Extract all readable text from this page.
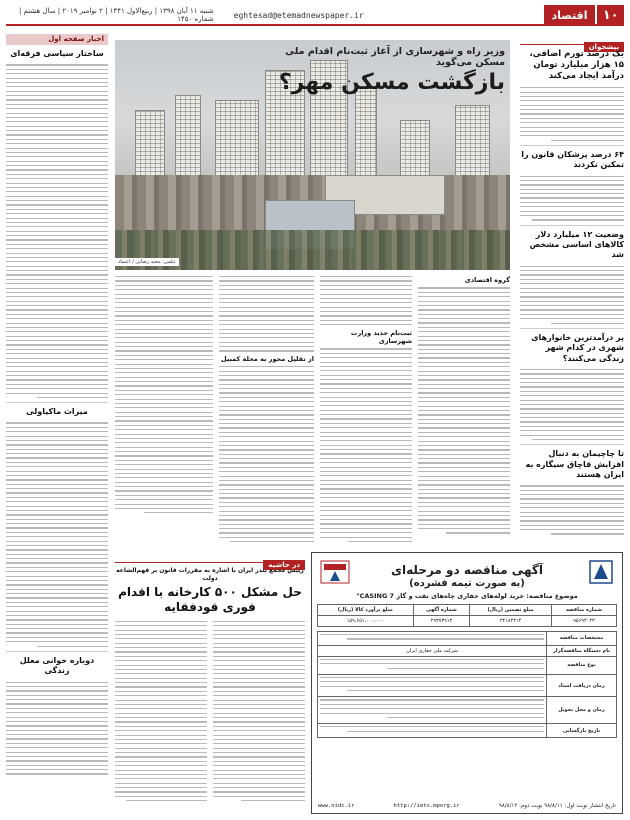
۱۰
اقتصاد
eghtesad@etemadnewspaper.ir
شنبه ۱۱ آبان ۱۳۹۸ | ربیع‌الاول ۱۴۴۱ | ۲ نوامبر ۲۰۱۹ | سال هشتم | شماره ۱۴۵۰
پیشخوان
یک درصد تورم اضافی، ۱۵ هزار میلیارد تومان درآمد ایجاد می‌کند
۶۴ درصد پزشکان قانون را تمکین نکردند
وضعیت ۱۲ میلیارد دلار کالاهای اساسی مشخص شد
پر درآمدترین خانوارهای شهری در کدام شهر زندگی می‌کنند؟
تا چاچیمان به دنبال افزایش قاچاق سیگاره به ایران هستند
اخبار صفحه اول
ساختار سیاسی فرقه‌ای
میراث ماکیاولی
دوباره خوانی معلل زندگی
عکس: مجید رضایی / اعتماد
وزیر راه و شهرسازی از آغاز ثبت‌نام اقدام ملی مسکن می‌گوید
بازگشت مسکن مهر؟
گروه اقتصادی
ثبت‌نام جدید وزارت شهرسازی
از تقلیل محور به محلة کمبیل
در حاشیه
رییس مجمع بندر ایران با اشاره به مقررات قانون بر فهم‌الشاعه دولت
حل مشکل ۵۰۰ کارخانه با اقدام فوری قودفقایه
آگهی مناقصه دو مرحله‌ای
(به صورت تیمه فشرده)
موضوع مناقصه: خرید لوله‌های حفاری چاه‌های نفت و گاز CASING 7"
شماره مناقصه	مبلغ تضمین (ریال)	شماره آگهی	مبلغ برآورد کالا (ریال)
۹۵۶۹۳۰۴۳	۳۴۱۸۴۳۱۴	۲۹۳۷۳۹۱۳	۱۵۹،۶۵۱،۰۰۰،۰۰۰
مشخصات مناقصه	

نام دستگاه مناقصه‌گزار	شرکت ملی حفاری ایران
نوع مناقصه	

زمان دریافت اسناد	

زمان و محل تحویل	

تاریخ بازگشایی	
www.nidc.ir	http://iets.mporg.ir	تاریخ انتشار نوبت اول: ۹۸/۸/۱۱ نوبت دوم: ۹۸/۸/۱۲
